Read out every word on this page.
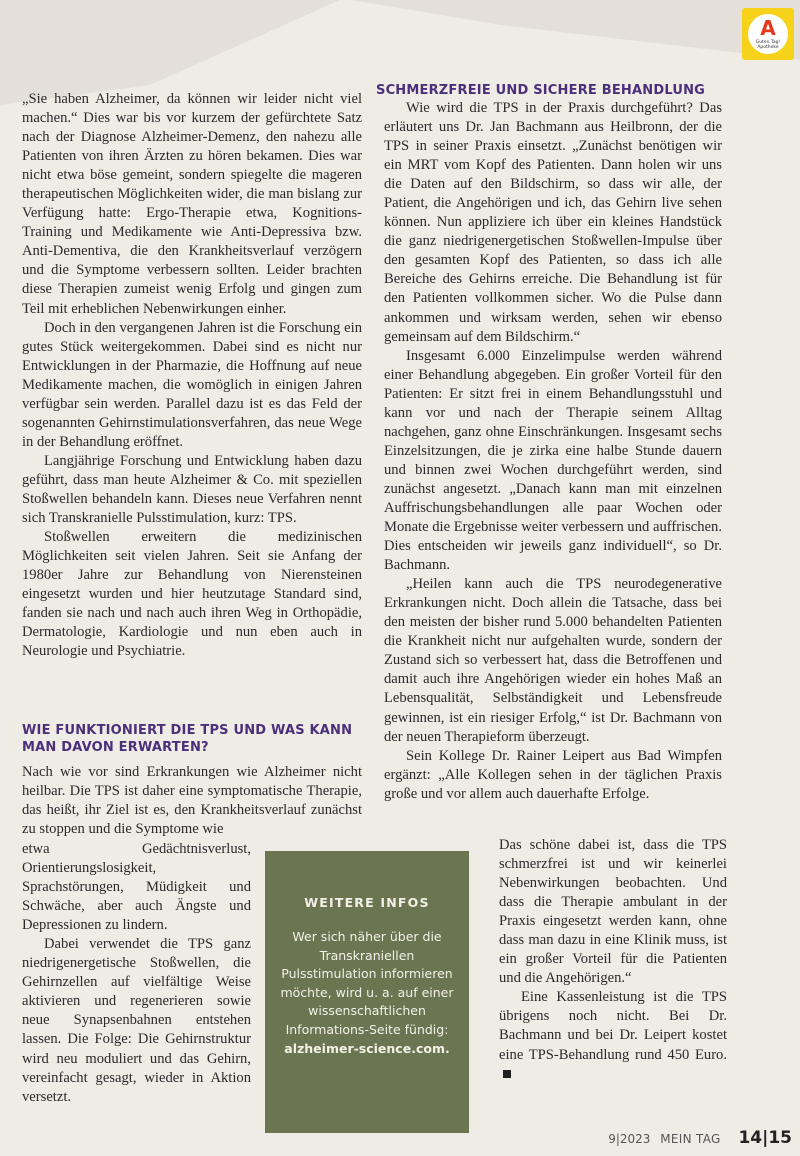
A
Guten Tag! Apotheke

„Sie haben Alzheimer, da können wir leider nicht viel machen.“ Dies war bis vor kurzem der gefürchtete Satz nach der Diagnose Alzheimer-Demenz, den nahezu alle Patienten von ihren Ärzten zu hören bekamen. Dies war nicht etwa böse gemeint, sondern spiegelte die mageren therapeutischen Möglichkeiten wider, die man bislang zur Verfügung hatte: Ergo-Therapie etwa, Kognitions-Training und Medikamente wie Anti-Depressiva bzw. Anti-Dementiva, die den Krankheitsverlauf verzögern und die Symptome verbessern sollten. Leider brachten diese Therapien zumeist wenig Erfolg und gingen zum Teil mit erheblichen Nebenwirkungen einher.

Doch in den vergangenen Jahren ist die Forschung ein gutes Stück weitergekommen. Dabei sind es nicht nur Entwicklungen in der Pharmazie, die Hoffnung auf neue Medikamente machen, die womöglich in einigen Jahren verfügbar sein werden. Parallel dazu ist es das Feld der sogenannten Gehirnstimulationsverfahren, das neue Wege in der Behandlung eröffnet.

Langjährige Forschung und Entwicklung haben dazu geführt, dass man heute Alzheimer & Co. mit speziellen Stoßwellen behandeln kann. Dieses neue Verfahren nennt sich Transkranielle Pulsstimulation, kurz: TPS.

Stoßwellen erweitern die medizinischen Möglichkeiten seit vielen Jahren. Seit sie Anfang der 1980er Jahre zur Behandlung von Nierensteinen eingesetzt wurden und hier heutzutage Standard sind, fanden sie nach und nach auch ihren Weg in Orthopädie, Dermatologie, Kardiologie und nun eben auch in Neurologie und Psychiatrie.

WIE FUNKTIONIERT DIE TPS UND WAS KANN MAN DAVON ERWARTEN?

Nach wie vor sind Erkrankungen wie Alzheimer nicht heilbar. Die TPS ist daher eine symptomatische Therapie, das heißt, ihr Ziel ist es, den Krankheitsverlauf zunächst zu stoppen und die Symptome wie

etwa Gedächtnisverlust, Orientierungslosigkeit, Sprachstörungen, Müdigkeit und Schwäche, aber auch Ängste und Depressionen zu lindern.

Dabei verwendet die TPS ganz niedrigenergetische Stoßwellen, die Gehirnzellen auf vielfältige Weise aktivieren und regenerieren sowie neue Synapsenbahnen entstehen lassen. Die Folge: Die Gehirnstruktur wird neu moduliert und das Gehirn, vereinfacht gesagt, wieder in Aktion versetzt.

SCHMERZFREIE UND SICHERE BEHANDLUNG

Wie wird die TPS in der Praxis durchgeführt? Das erläutert uns Dr. Jan Bachmann aus Heilbronn, der die TPS in seiner Praxis einsetzt. „Zunächst benötigen wir ein MRT vom Kopf des Patienten. Dann holen wir uns die Daten auf den Bildschirm, so dass wir alle, der Patient, die Angehörigen und ich, das Gehirn live sehen können. Nun appliziere ich über ein kleines Handstück die ganz niedrigenergetischen Stoßwellen-Impulse über den gesamten Kopf des Patienten, so dass ich alle Bereiche des Gehirns erreiche. Die Behandlung ist für den Patienten vollkommen sicher. Wo die Pulse dann ankommen und wirksam werden, sehen wir ebenso gemeinsam auf dem Bildschirm.“

Insgesamt 6.000 Einzelimpulse werden während einer Behandlung abgegeben. Ein großer Vorteil für den Patienten: Er sitzt frei in einem Behandlungsstuhl und kann vor und nach der Therapie seinem Alltag nachgehen, ganz ohne Einschränkungen. Insgesamt sechs Einzelsitzungen, die je zirka eine halbe Stunde dauern und binnen zwei Wochen durchgeführt werden, sind zunächst angesetzt. „Danach kann man mit einzelnen Auffrischungsbehandlungen alle paar Wochen oder Monate die Ergebnisse weiter verbessern und auffrischen. Dies entscheiden wir jeweils ganz individuell“, so Dr. Bachmann.

„Heilen kann auch die TPS neurodegenerative Erkrankungen nicht. Doch allein die Tatsache, dass bei den meisten der bisher rund 5.000 behandelten Patienten die Krankheit nicht nur aufgehalten wurde, sondern der Zustand sich so verbessert hat, dass die Betroffenen und damit auch ihre Angehörigen wieder ein hohes Maß an Lebensqualität, Selbständigkeit und Lebensfreude gewinnen, ist ein riesiger Erfolg,“ ist Dr. Bachmann von der neuen Therapieform überzeugt.

Sein Kollege Dr. Rainer Leipert aus Bad Wimpfen ergänzt: „Alle Kollegen sehen in der täglichen Praxis große und vor allem auch dauerhafte Erfolge.

Das schöne dabei ist, dass die TPS schmerzfrei ist und wir keinerlei Nebenwirkungen beobachten. Und dass die Therapie ambulant in der Praxis eingesetzt werden kann, ohne dass man dazu in eine Klinik muss, ist ein großer Vorteil für die Patienten und die Angehörigen.“

Eine Kassenleistung ist die TPS übrigens noch nicht. Bei Dr. Bachmann und bei Dr. Leipert kostet eine TPS-Behandlung rund 450 Euro.

WEITERE INFOS
Wer sich näher über die Transkraniellen Pulsstimulation informieren möchte, wird u. a. auf einer wissenschaftlichen Informations-Seite fündig:
alzheimer-science.com.
9|2023 MEIN TAG 14|15
